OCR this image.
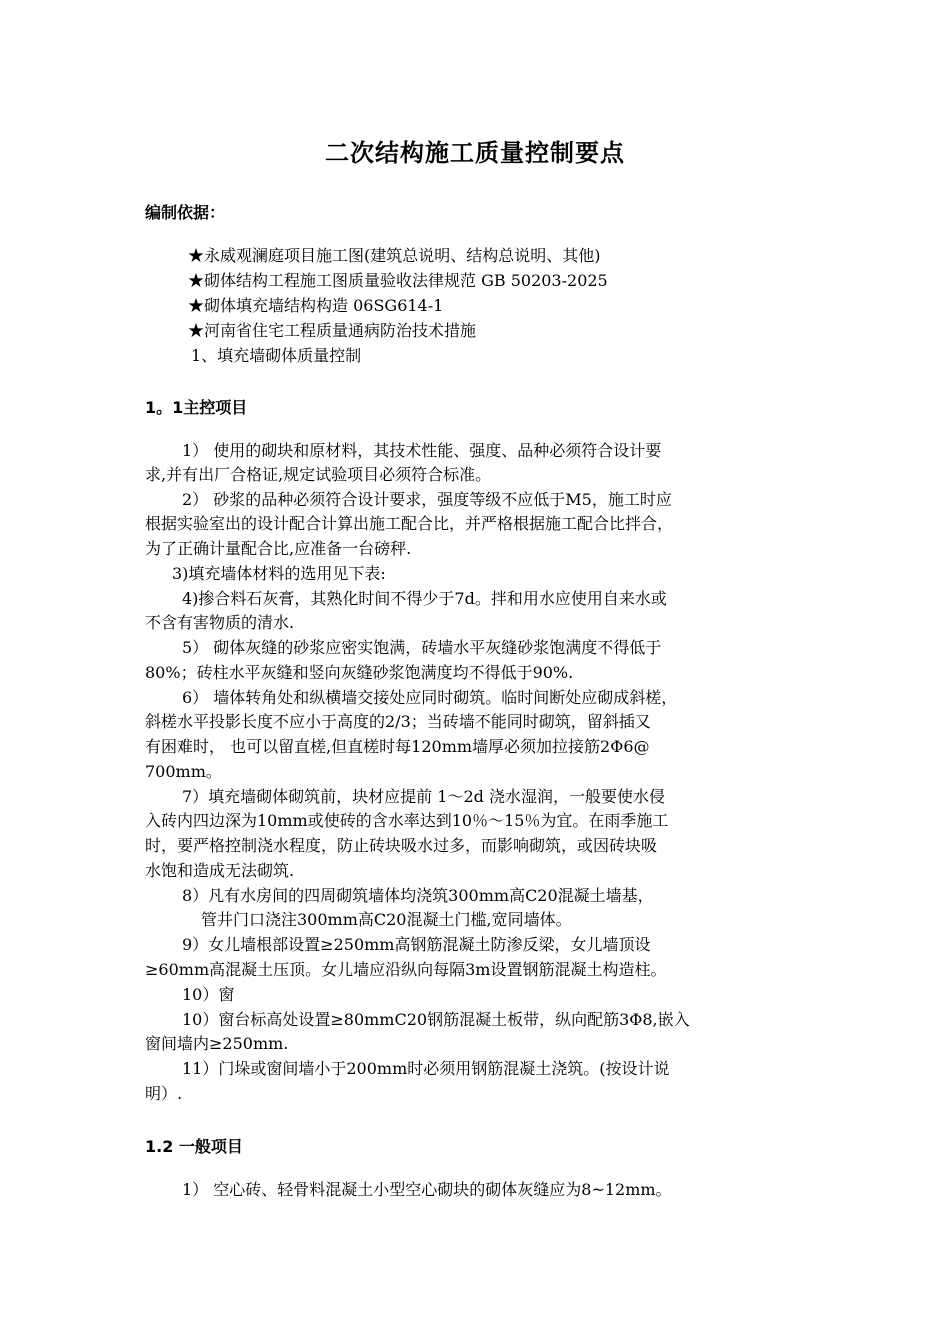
二次结构施工质量控制要点
编制依据：
★永威观澜庭项目施工图(建筑总说明、结构总说明、其他)
★砌体结构工程施工图质量验收法律规范 GB 50203-2025
★砌体填充墙结构构造 06SG614-1
★河南省住宅工程质量通病防治技术措施
1、填充墙砌体质量控制
1。1主控项目
1） 使用的砌块和原材料，其技术性能、强度、品种必须符合设计要
求,并有出厂合格证,规定试验项目必须符合标准。
2） 砂浆的品种必须符合设计要求，强度等级不应低于M5，施工时应
根据实验室出的设计配合计算出施工配合比，并严格根据施工配合比拌合，
为了正确计量配合比,应准备一台磅秤.
3)填充墙体材料的选用见下表:
4)掺合料石灰膏，其熟化时间不得少于7d。拌和用水应使用自来水或
不含有害物质的清水.
5） 砌体灰缝的砂浆应密实饱满，砖墙水平灰缝砂浆饱满度不得低于
80%；砖柱水平灰缝和竖向灰缝砂浆饱满度均不得低于90%.
6） 墙体转角处和纵横墙交接处应同时砌筑。临时间断处应砌成斜槎，
斜槎水平投影长度不应小于高度的2/3；当砖墙不能同时砌筑，留斜插又
有困难时， 也可以留直槎,但直槎时每120mm墙厚必须加拉接筋2Φ6@
700mm。
7）填充墙砌体砌筑前，块材应提前 1～2d 浇水湿润，一般要使水侵
入砖内四边深为10mm或使砖的含水率达到10％～15％为宜。在雨季施工
时，要严格控制浇水程度，防止砖块吸水过多，而影响砌筑，或因砖块吸
水饱和造成无法砌筑.
8）凡有水房间的四周砌筑墙体均浇筑300mm高C20混凝土墙基，
管井门口浇注300mm高C20混凝土门槛,宽同墙体。
9）女儿墙根部设置≥250mm高钢筋混凝土防渗反梁，女儿墙顶设
≥60mm高混凝土压顶。女儿墙应沿纵向每隔3m设置钢筋混凝土构造柱。
10）窗
10）窗台标高处设置≥80mmC20钢筋混凝土板带，纵向配筋3Φ8,嵌入
窗间墙内≥250mm.
11）门垛或窗间墙小于200mm时必须用钢筋混凝土浇筑。(按设计说
明）.
1.2 一般项目
1） 空心砖、轻骨料混凝土小型空心砌块的砌体灰缝应为8~12mm。
